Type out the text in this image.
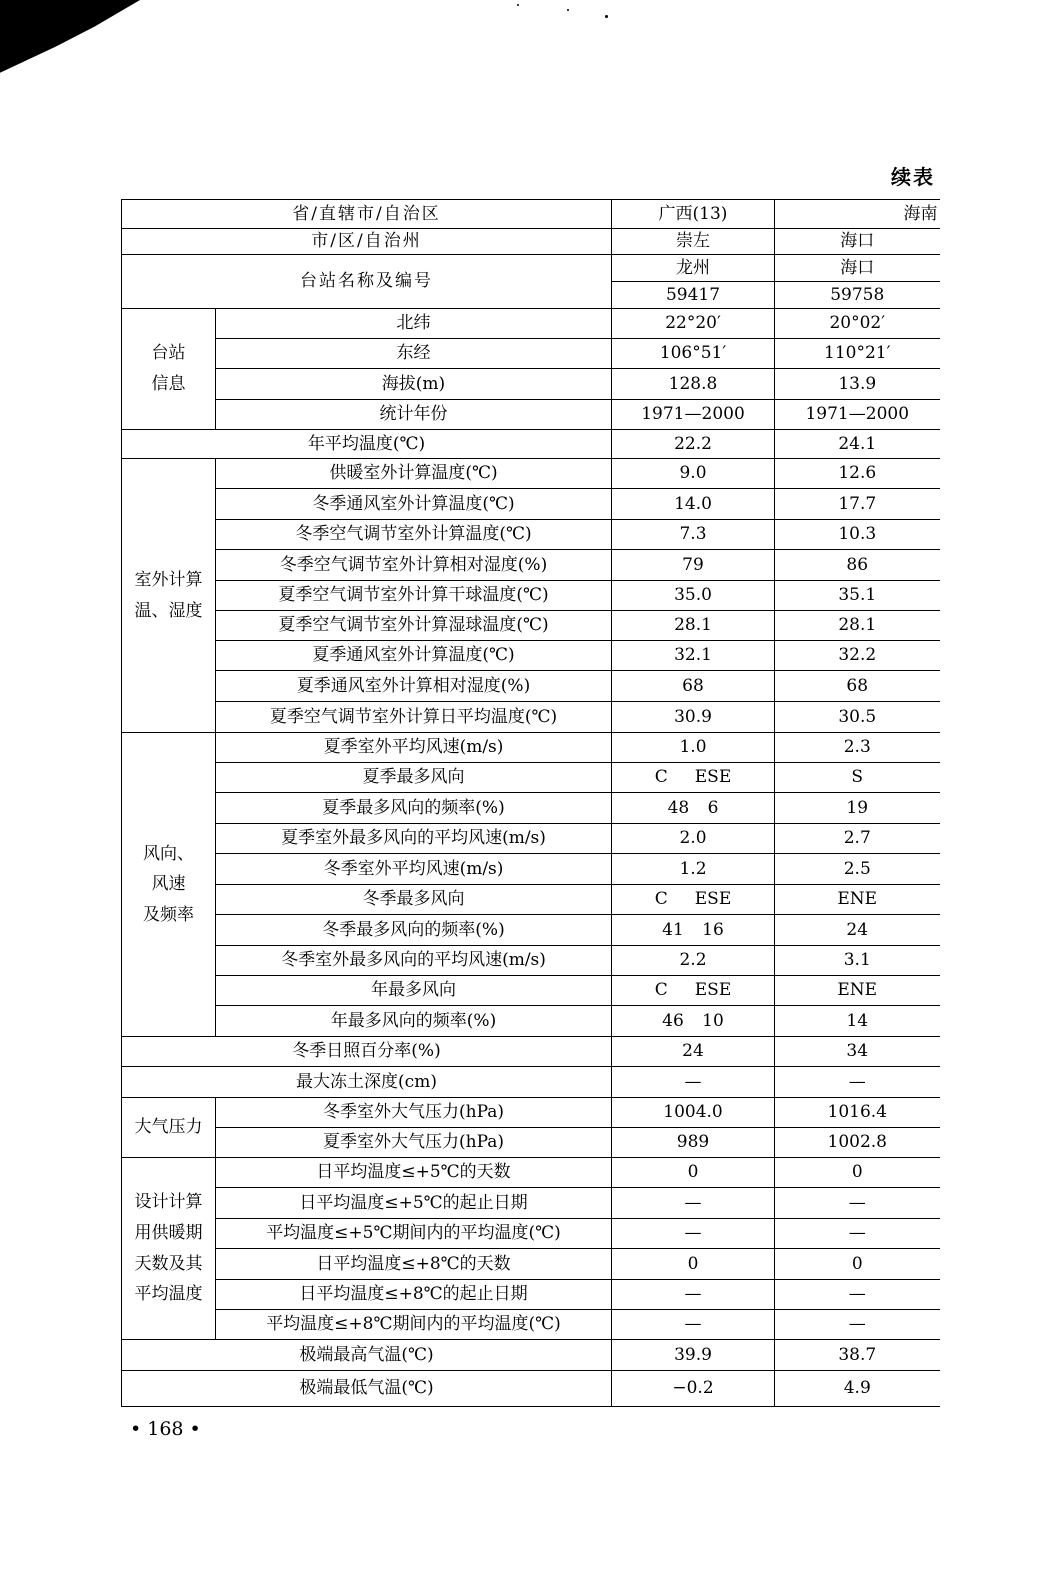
续表
省/直辖市/自治区		广西(13)	海南
市/区/自治州		崇左	海口
台站名称及编号		龙州	海口
		59417	59758

台站
信息	北纬	22°20′	20°02′
	东经	106°51′	110°21′
	海拔(m)	128.8	13.9
	统计年份	1971—2000	1971—2000
年平均温度(℃)		22.2	24.1

室外计算
温、湿度	供暖室外计算温度(℃)	9.0	12.6
	冬季通风室外计算温度(℃)	14.0	17.7
	冬季空气调节室外计算温度(℃)	7.3	10.3
	冬季空气调节室外计算相对湿度(%)	79	86
	夏季空气调节室外计算干球温度(℃)	35.0	35.1
	夏季空气调节室外计算湿球温度(℃)	28.1	28.1
	夏季通风室外计算温度(℃)	32.1	32.2
	夏季通风室外计算相对湿度(%)	68	68
	夏季空气调节室外计算日平均温度(℃)	30.9	30.5

风向、
风速
及频率	夏季室外平均风速(m/s)	1.0	2.3
	夏季最多风向	C ESE	S
	夏季最多风向的频率(%)	48 6	19
	夏季室外最多风向的平均风速(m/s)	2.0	2.7
	冬季室外平均风速(m/s)	1.2	2.5
	冬季最多风向	C ESE	ENE
	冬季最多风向的频率(%)	41 16	24
	冬季室外最多风向的平均风速(m/s)	2.2	3.1
	年最多风向	C ESE	ENE
	年最多风向的频率(%)	46 10	14
冬季日照百分率(%)		24	34
最大冻土深度(cm)		—	—

大气压力	冬季室外大气压力(hPa)	1004.0	1016.4
	夏季室外大气压力(hPa)	989	1002.8

设计计算
用供暖期
天数及其
平均温度	日平均温度≤+5℃的天数	0	0
	日平均温度≤+5℃的起止日期	—	—
	平均温度≤+5℃期间内的平均温度(℃)	—	—
	日平均温度≤+8℃的天数	0	0
	日平均温度≤+8℃的起止日期	—	—
	平均温度≤+8℃期间内的平均温度(℃)	—	—
极端最高气温(℃)		39.9	38.7
极端最低气温(℃)		−0.2	4.9
• 168 •
